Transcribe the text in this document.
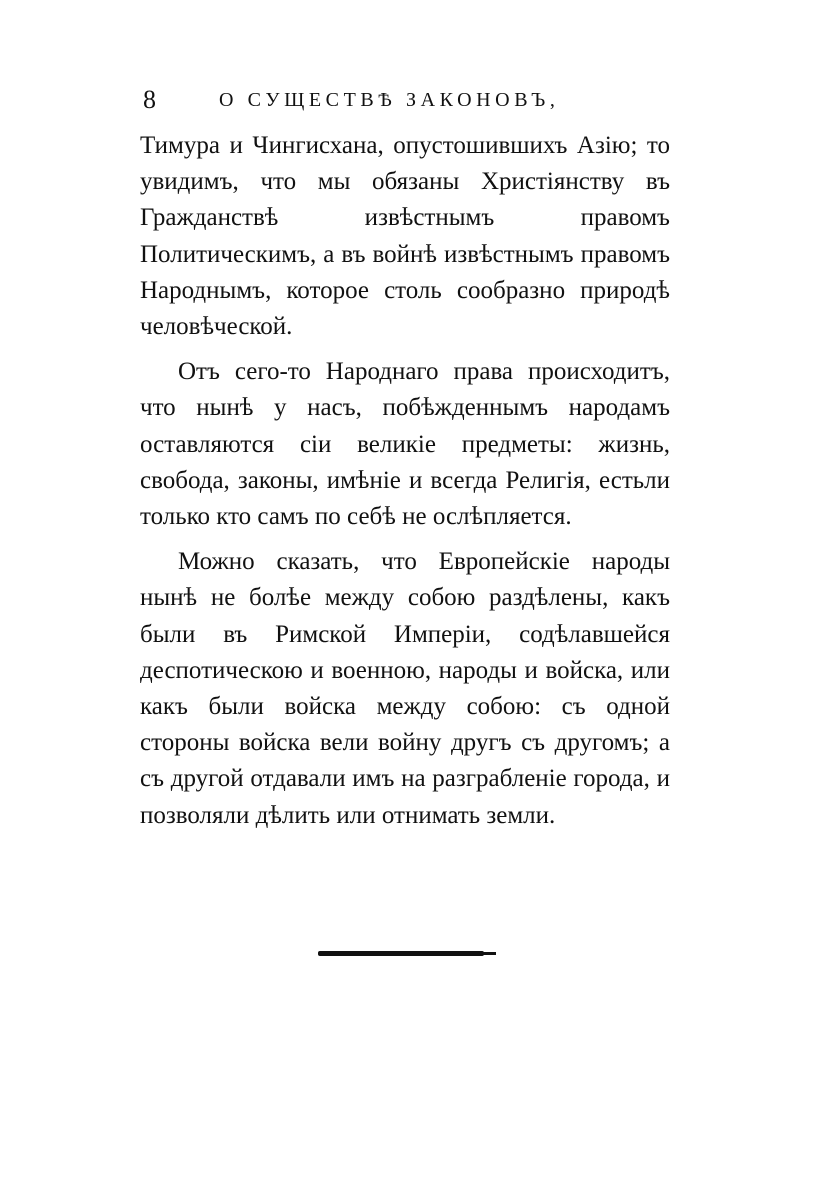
8	О СУЩЕСТВѢ ЗАКОНОВЪ,

Тимура и Чингисхана, опустошившихъ Азію; то увидимъ, что мы обязаны Христіянству въ Гражданствѣ извѣстнымъ правомъ Политическимъ, а въ войнѣ извѣстнымъ правомъ Народнымъ, которое столь сообразно природѣ человѣческой.

Отъ сего-то Народнаго права происходитъ, что нынѣ у насъ, побѣжденнымъ народамъ оставляются сіи великіе предметы: жизнь, свобода, законы, имѣніе и всегда Религія, естьли только кто самъ по себѣ не ослѣпляется.

Можно сказать, что Европейскіе народы нынѣ не болѣе между собою раздѣлены, какъ были въ Римской Имперіи, содѣлавшейся деспотическою и военною, народы и войска, или какъ были войска между собою: съ одной стороны войска вели войну другъ съ другомъ; а съ другой отдавали имъ на разграбленіе города, и позволяли дѣлить или отнимать земли.
